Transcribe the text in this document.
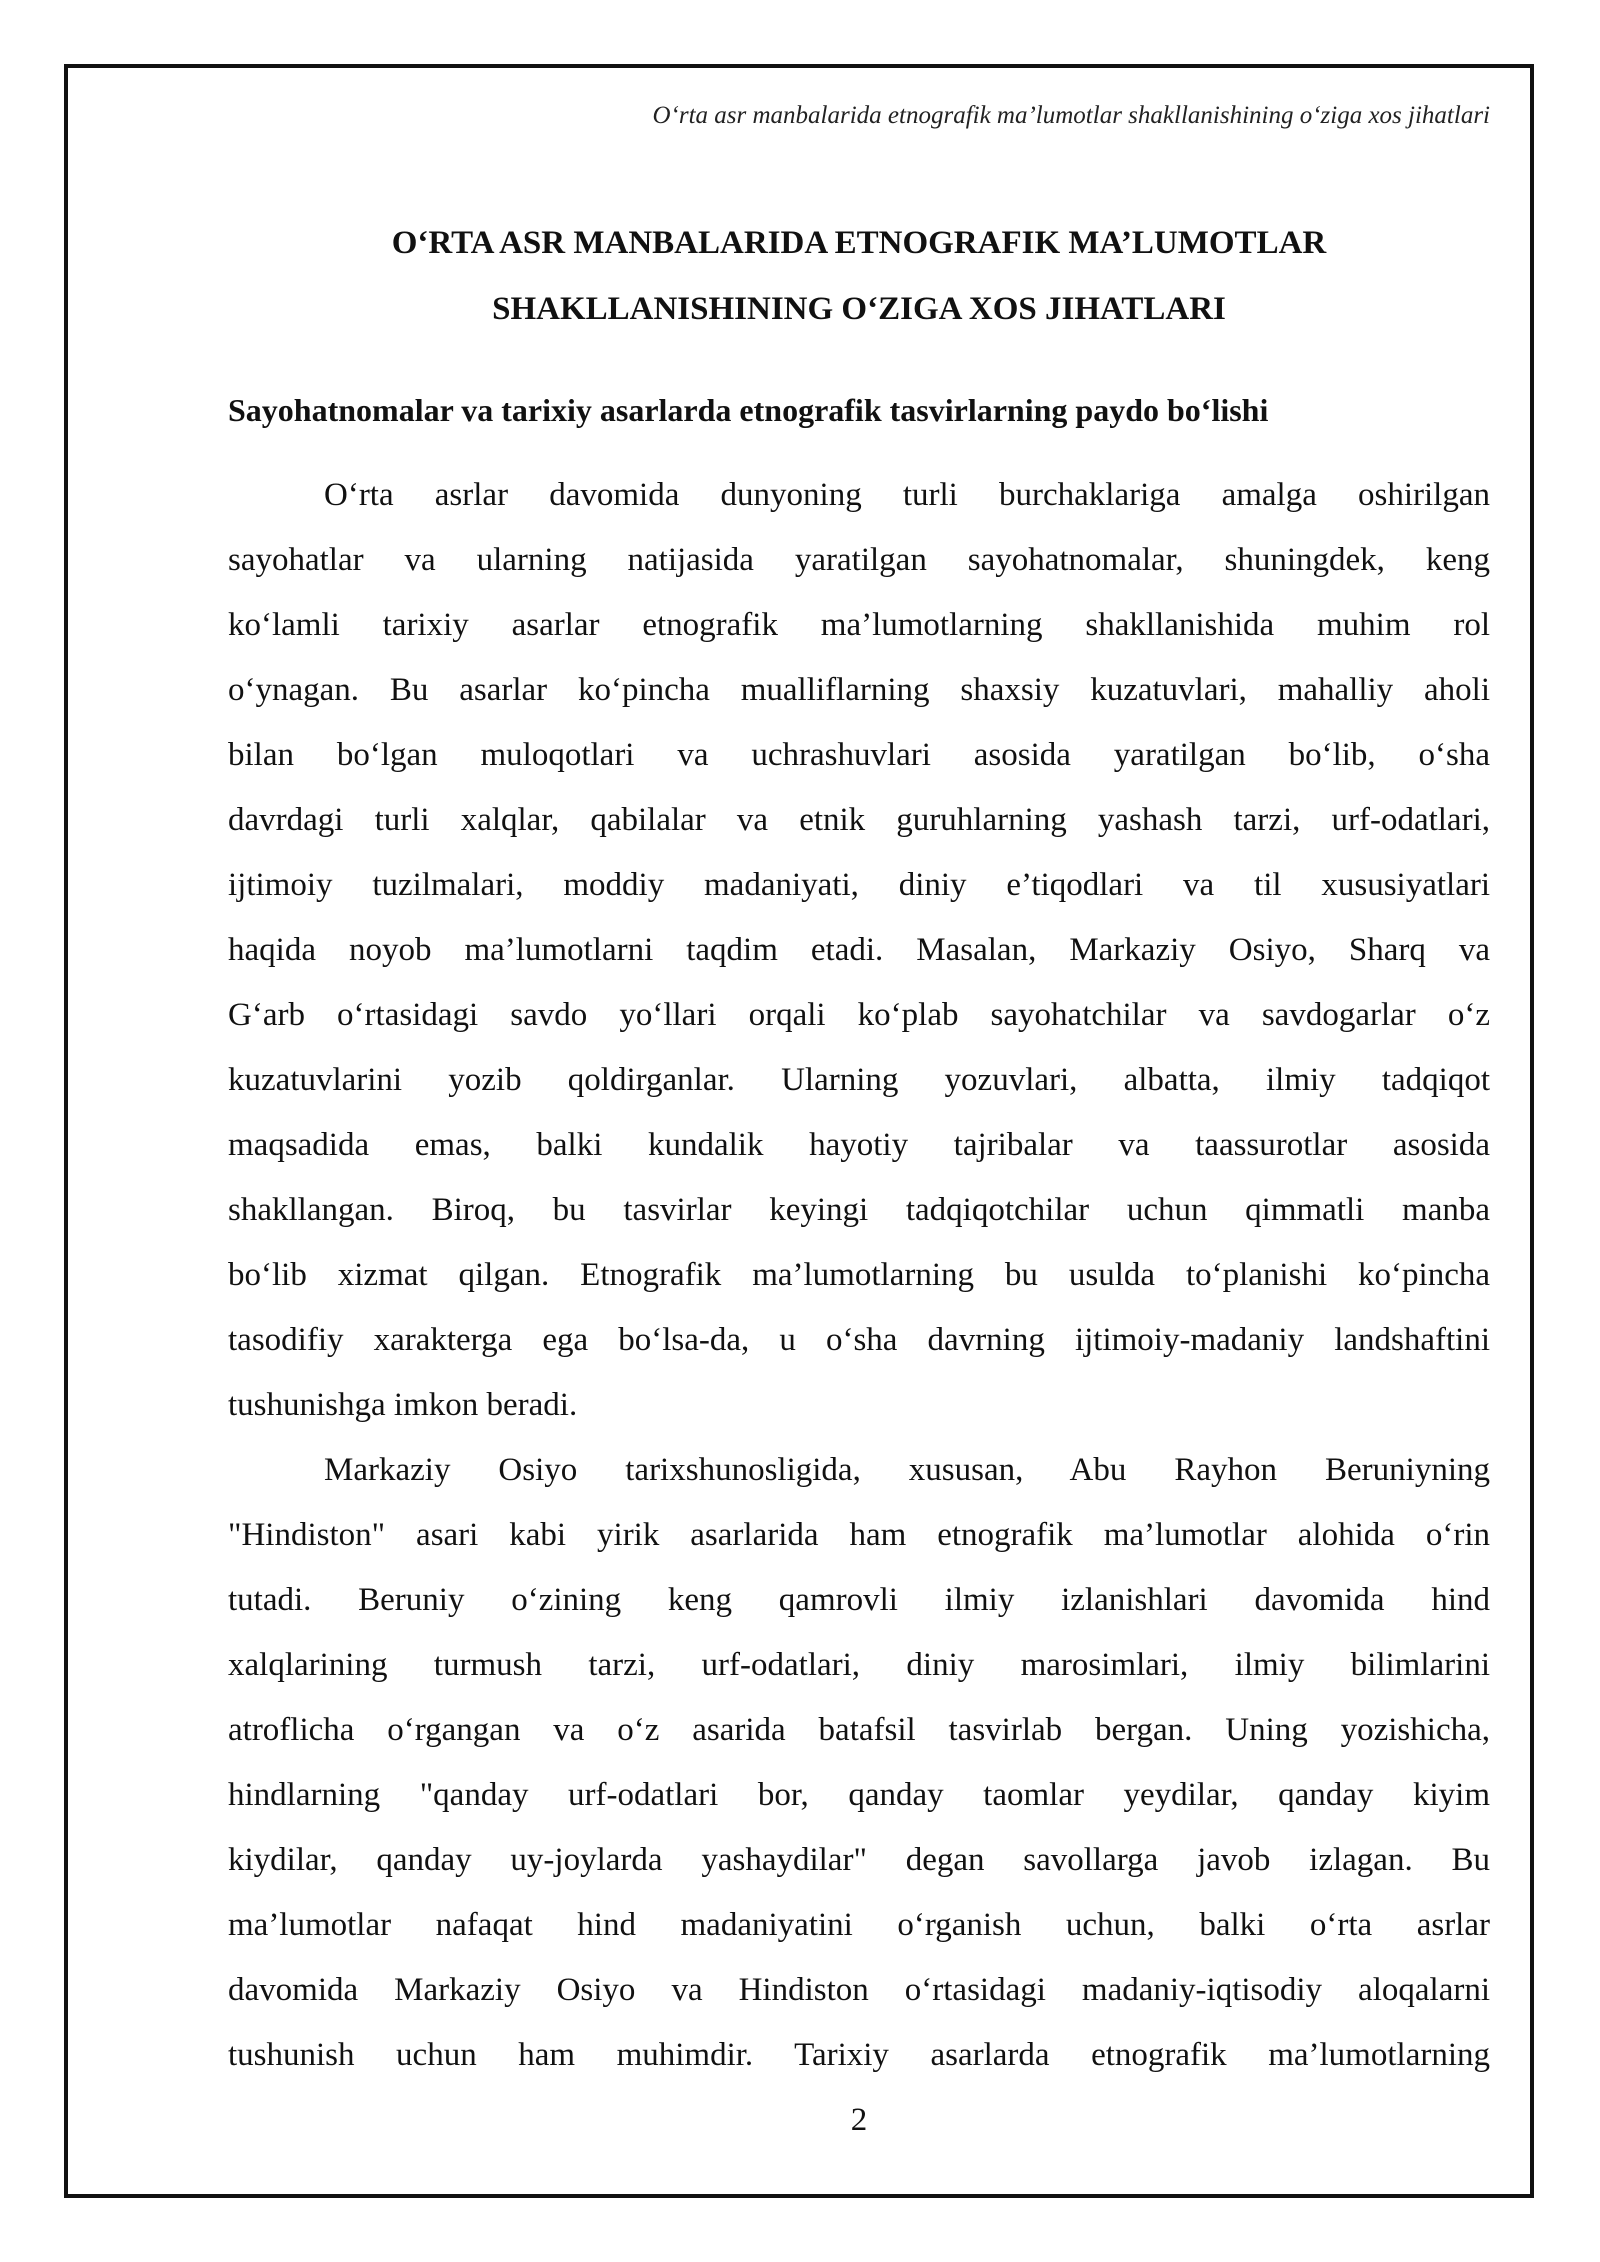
O‘rta asr manbalarida etnografik ma’lumotlar shakllanishining o‘ziga xos jihatlari
O‘RTA ASR MANBALARIDA ETNOGRAFIK MA’LUMOTLAR
SHAKLLANISHINING O‘ZIGA XOS JIHATLARI
Sayohatnomalar va tarixiy asarlarda etnografik tasvirlarning paydo bo‘lishi
O‘rta asrlar davomida dunyoning turli burchaklariga amalga oshirilgan
sayohatlar va ularning natijasida yaratilgan sayohatnomalar, shuningdek, keng
ko‘lamli tarixiy asarlar etnografik ma’lumotlarning shakllanishida muhim rol
o‘ynagan. Bu asarlar ko‘pincha mualliflarning shaxsiy kuzatuvlari, mahalliy aholi
bilan bo‘lgan muloqotlari va uchrashuvlari asosida yaratilgan bo‘lib, o‘sha
davrdagi turli xalqlar, qabilalar va etnik guruhlarning yashash tarzi, urf-odatlari,
ijtimoiy tuzilmalari, moddiy madaniyati, diniy e’tiqodlari va til xususiyatlari
haqida noyob ma’lumotlarni taqdim etadi. Masalan, Markaziy Osiyo, Sharq va
G‘arb o‘rtasidagi savdo yo‘llari orqali ko‘plab sayohatchilar va savdogarlar o‘z
kuzatuvlarini yozib qoldirganlar. Ularning yozuvlari, albatta, ilmiy tadqiqot
maqsadida emas, balki kundalik hayotiy tajribalar va taassurotlar asosida
shakllangan. Biroq, bu tasvirlar keyingi tadqiqotchilar uchun qimmatli manba
bo‘lib xizmat qilgan. Etnografik ma’lumotlarning bu usulda to‘planishi ko‘pincha
tasodifiy xarakterga ega bo‘lsa-da, u o‘sha davrning ijtimoiy-madaniy landshaftini
tushunishga imkon beradi.
Markaziy Osiyo tarixshunosligida, xususan, Abu Rayhon Beruniyning
"Hindiston" asari kabi yirik asarlarida ham etnografik ma’lumotlar alohida o‘rin
tutadi. Beruniy o‘zining keng qamrovli ilmiy izlanishlari davomida hind
xalqlarining turmush tarzi, urf-odatlari, diniy marosimlari, ilmiy bilimlarini
atroflicha o‘rgangan va o‘z asarida batafsil tasvirlab bergan. Uning yozishicha,
hindlarning "qanday urf-odatlari bor, qanday taomlar yeydilar, qanday kiyim
kiydilar, qanday uy-joylarda yashaydilar" degan savollarga javob izlagan. Bu
ma’lumotlar nafaqat hind madaniyatini o‘rganish uchun, balki o‘rta asrlar
davomida Markaziy Osiyo va Hindiston o‘rtasidagi madaniy-iqtisodiy aloqalarni
tushunish uchun ham muhimdir. Tarixiy asarlarda etnografik ma’lumotlarning
2
